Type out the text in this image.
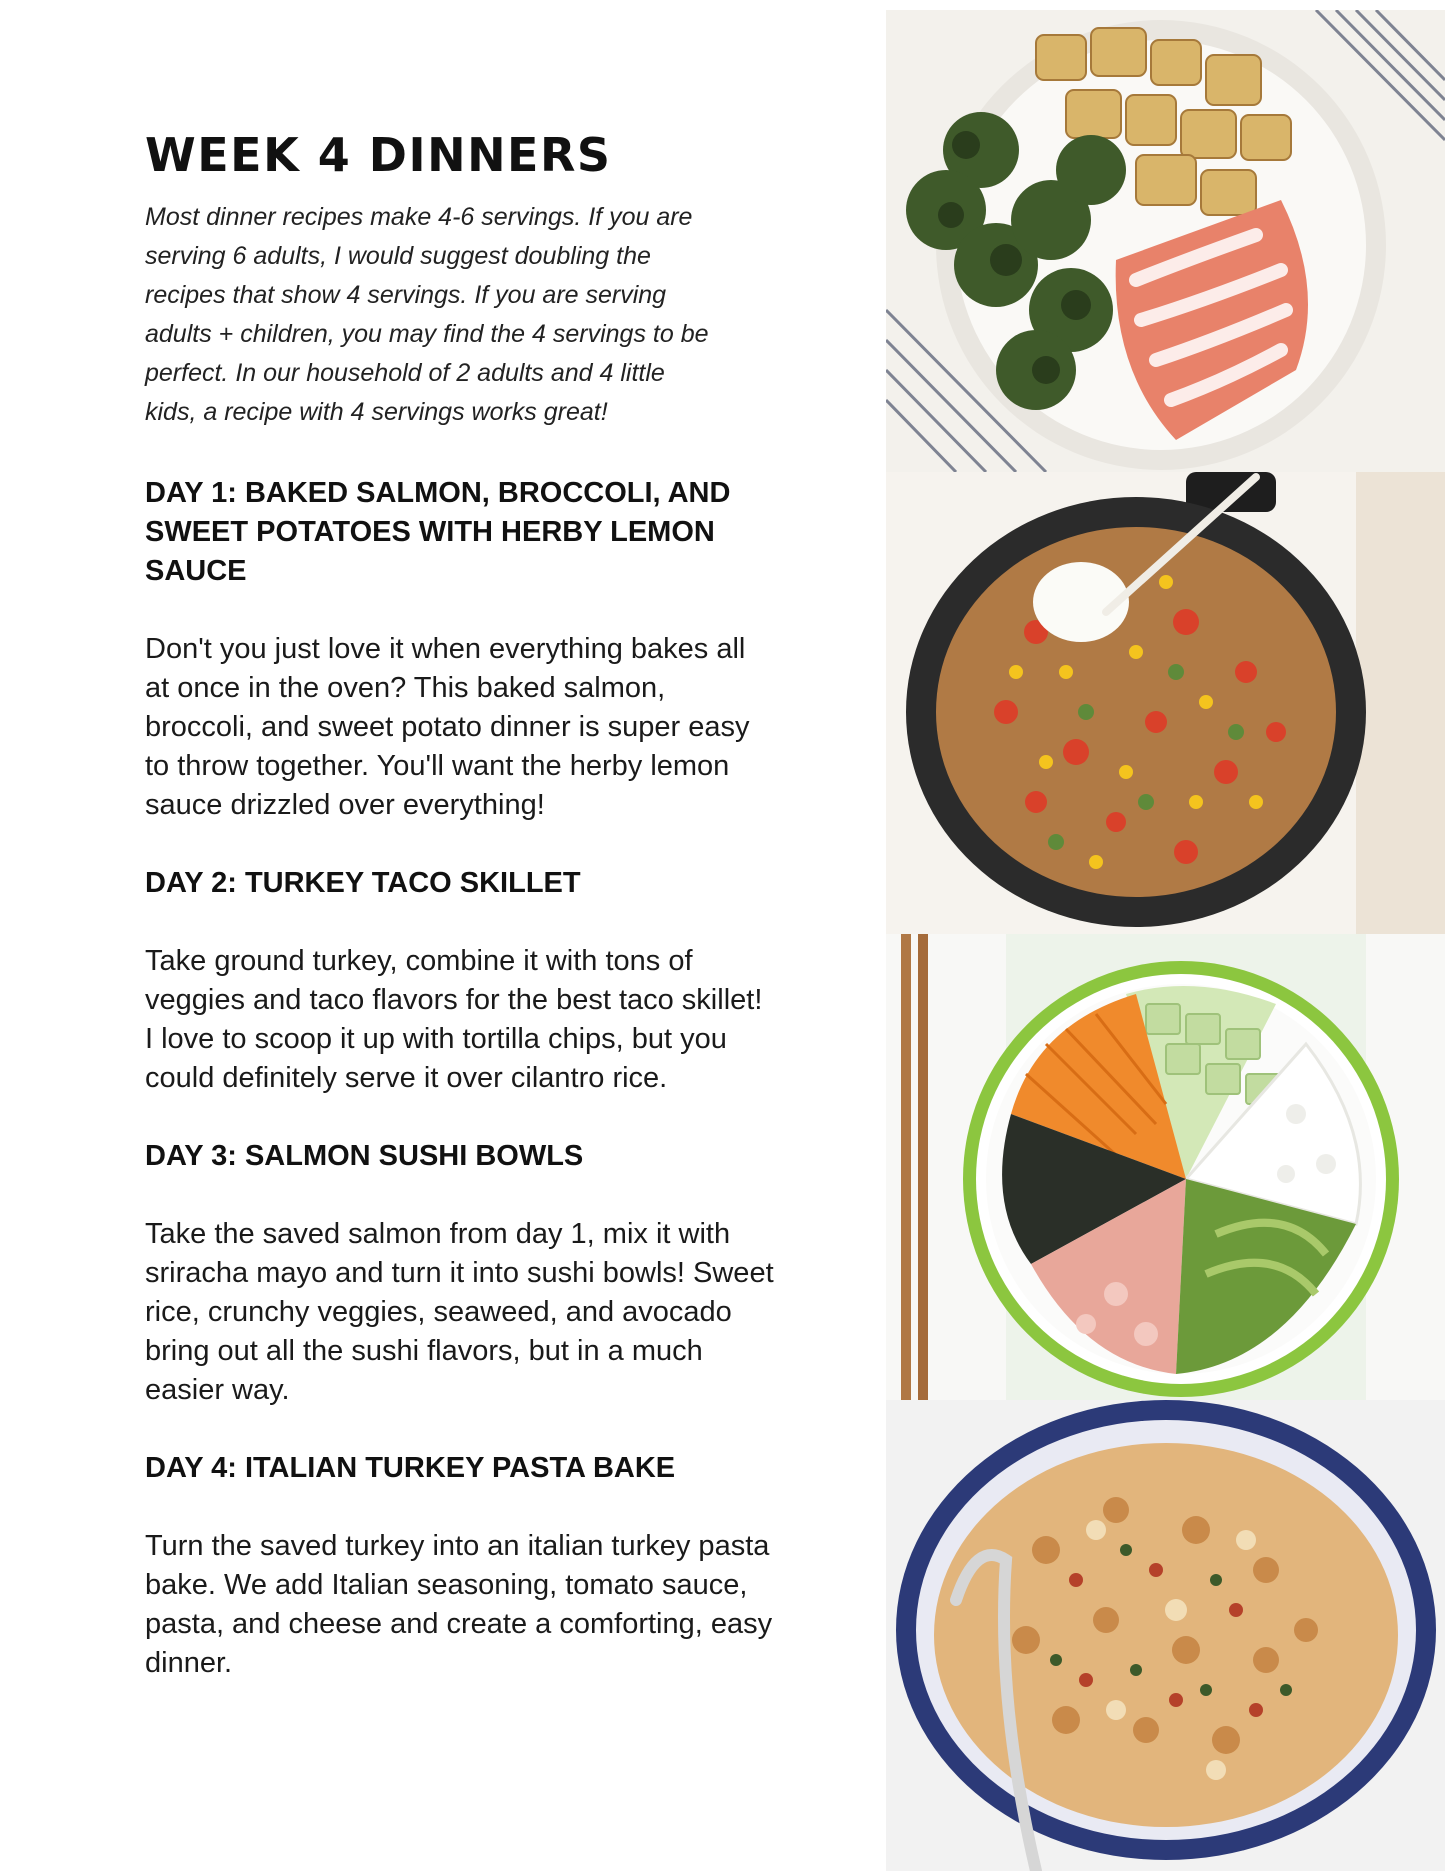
WEEK 4 DINNERS

Most dinner recipes make 4-6 servings. If you are serving 6 adults, I would suggest doubling the recipes that show 4 servings. If you are serving adults + children, you may find the 4 servings to be perfect. In our household of 2 adults and 4 little kids, a recipe with 4 servings works great!

DAY 1: BAKED SALMON, BROCCOLI, AND SWEET POTATOES WITH HERBY LEMON SAUCE

Don't you just love it when everything bakes all at once in the oven? This baked salmon, broccoli, and sweet potato dinner is super easy to throw together. You'll want the herby lemon sauce drizzled over everything!

DAY 2: TURKEY TACO SKILLET

Take ground turkey, combine it with tons of veggies and taco flavors for the best taco skillet! I love to scoop it up with tortilla chips, but you could definitely serve it over cilantro rice.

DAY 3: SALMON SUSHI BOWLS

Take the saved salmon from day 1, mix it with sriracha mayo and turn it into sushi bowls! Sweet rice, crunchy veggies, seaweed, and avocado bring out all the sushi flavors, but in a much easier way.

DAY 4: ITALIAN TURKEY PASTA BAKE

Turn the saved turkey into an italian turkey pasta bake. We add Italian seasoning, tomato sauce, pasta, and cheese and create a comforting, easy dinner.
